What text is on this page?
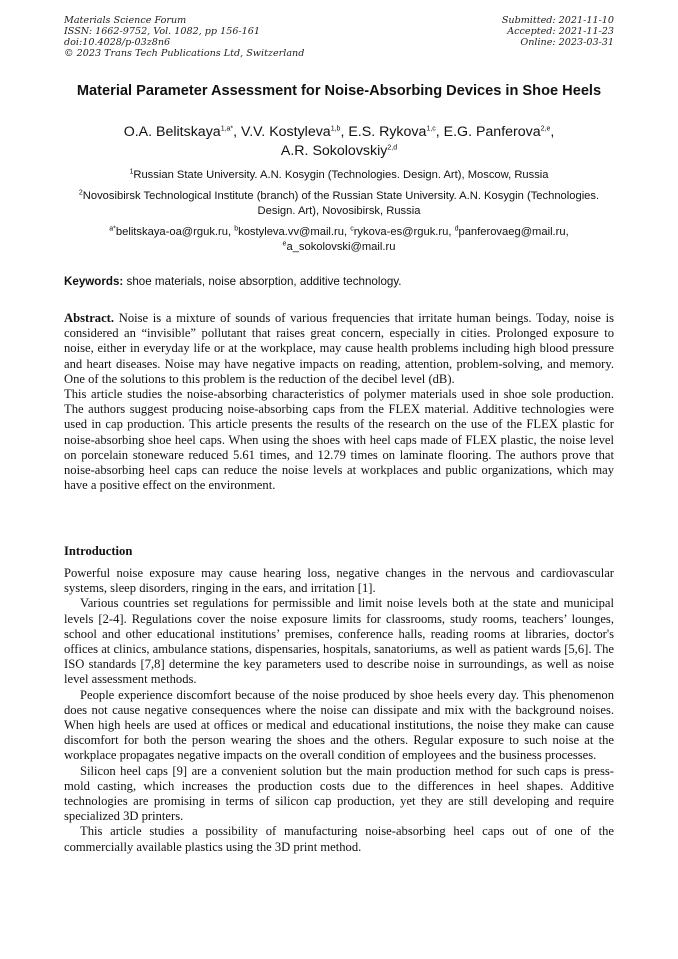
Materials Science Forum
ISSN: 1662-9752, Vol. 1082, pp 156-161
doi:10.4028/p-03z8n6
© 2023 Trans Tech Publications Ltd, Switzerland
Submitted: 2021-11-10
Accepted: 2021-11-23
Online: 2023-03-31
Material Parameter Assessment for Noise-Absorbing Devices in Shoe Heels
O.A. Belitskaya$^{1,a*}$, V.V. Kostyleva$^{1,b}$, E.S. Rykova$^{1,c}$, E.G. Panferova$^{2,e}$,
A.R. Sokolovskiy$^{2,d}$
$^1$Russian State University. A.N. Kosygin (Technologies. Design. Art), Moscow, Russia
$^2$Novosibirsk Technological Institute (branch) of the Russian State University. A.N. Kosygin (Technologies. Design. Art), Novosibirsk, Russia
$^{a*}$belitskaya-oa@rguk.ru, $^b$kostyleva.vv@mail.ru, $^c$rykova-es@rguk.ru, $^d$panferovaeg@mail.ru,
$^e$a_sokolovski@mail.ru
Keywords: shoe materials, noise absorption, additive technology.

Abstract. Noise is a mixture of sounds of various frequencies that irritate human beings. Today, noise is considered an “invisible” pollutant that raises great concern, especially in cities. Prolonged exposure to noise, either in everyday life or at the workplace, may cause health problems including high blood pressure and heart diseases. Noise may have negative impacts on reading, attention, problem-solving, and memory. One of the solutions to this problem is the reduction of the decibel level (dB).

This article studies the noise-absorbing characteristics of polymer materials used in shoe sole production. The authors suggest producing noise-absorbing caps from the FLEX material. Additive technologies were used in cap production. This article presents the results of the research on the use of the FLEX plastic for noise-absorbing shoe heel caps. When using the shoes with heel caps made of FLEX plastic, the noise level on porcelain stoneware reduced 5.61 times, and 12.79 times on laminate flooring. The authors prove that noise-absorbing heel caps can reduce the noise levels at workplaces and public organizations, which may have a positive effect on the environment.

Introduction

Powerful noise exposure may cause hearing loss, negative changes in the nervous and cardiovascular systems, sleep disorders, ringing in the ears, and irritation [1].

Various countries set regulations for permissible and limit noise levels both at the state and municipal levels [2-4]. Regulations cover the noise exposure limits for classrooms, study rooms, teachers’ lounges, school and other educational institutions’ premises, conference halls, reading rooms at libraries, doctor's offices at clinics, ambulance stations, dispensaries, hospitals, sanatoriums, as well as patient wards [5,6]. The ISO standards [7,8] determine the key parameters used to describe noise in surroundings, as well as noise level assessment methods.

People experience discomfort because of the noise produced by shoe heels every day. This phenomenon does not cause negative consequences where the noise can dissipate and mix with the background noises. When high heels are used at offices or medical and educational institutions, the noise they make can cause discomfort for both the person wearing the shoes and the others. Regular exposure to such noise at the workplace propagates negative impacts on the overall condition of employees and the business processes.

Silicon heel caps [9] are a convenient solution but the main production method for such caps is press-mold casting, which increases the production costs due to the differences in heel shapes. Additive technologies are promising in terms of silicon cap production, yet they are still developing and require specialized 3D printers.

This article studies a possibility of manufacturing noise-absorbing heel caps out of one of the commercially available plastics using the 3D print method.
